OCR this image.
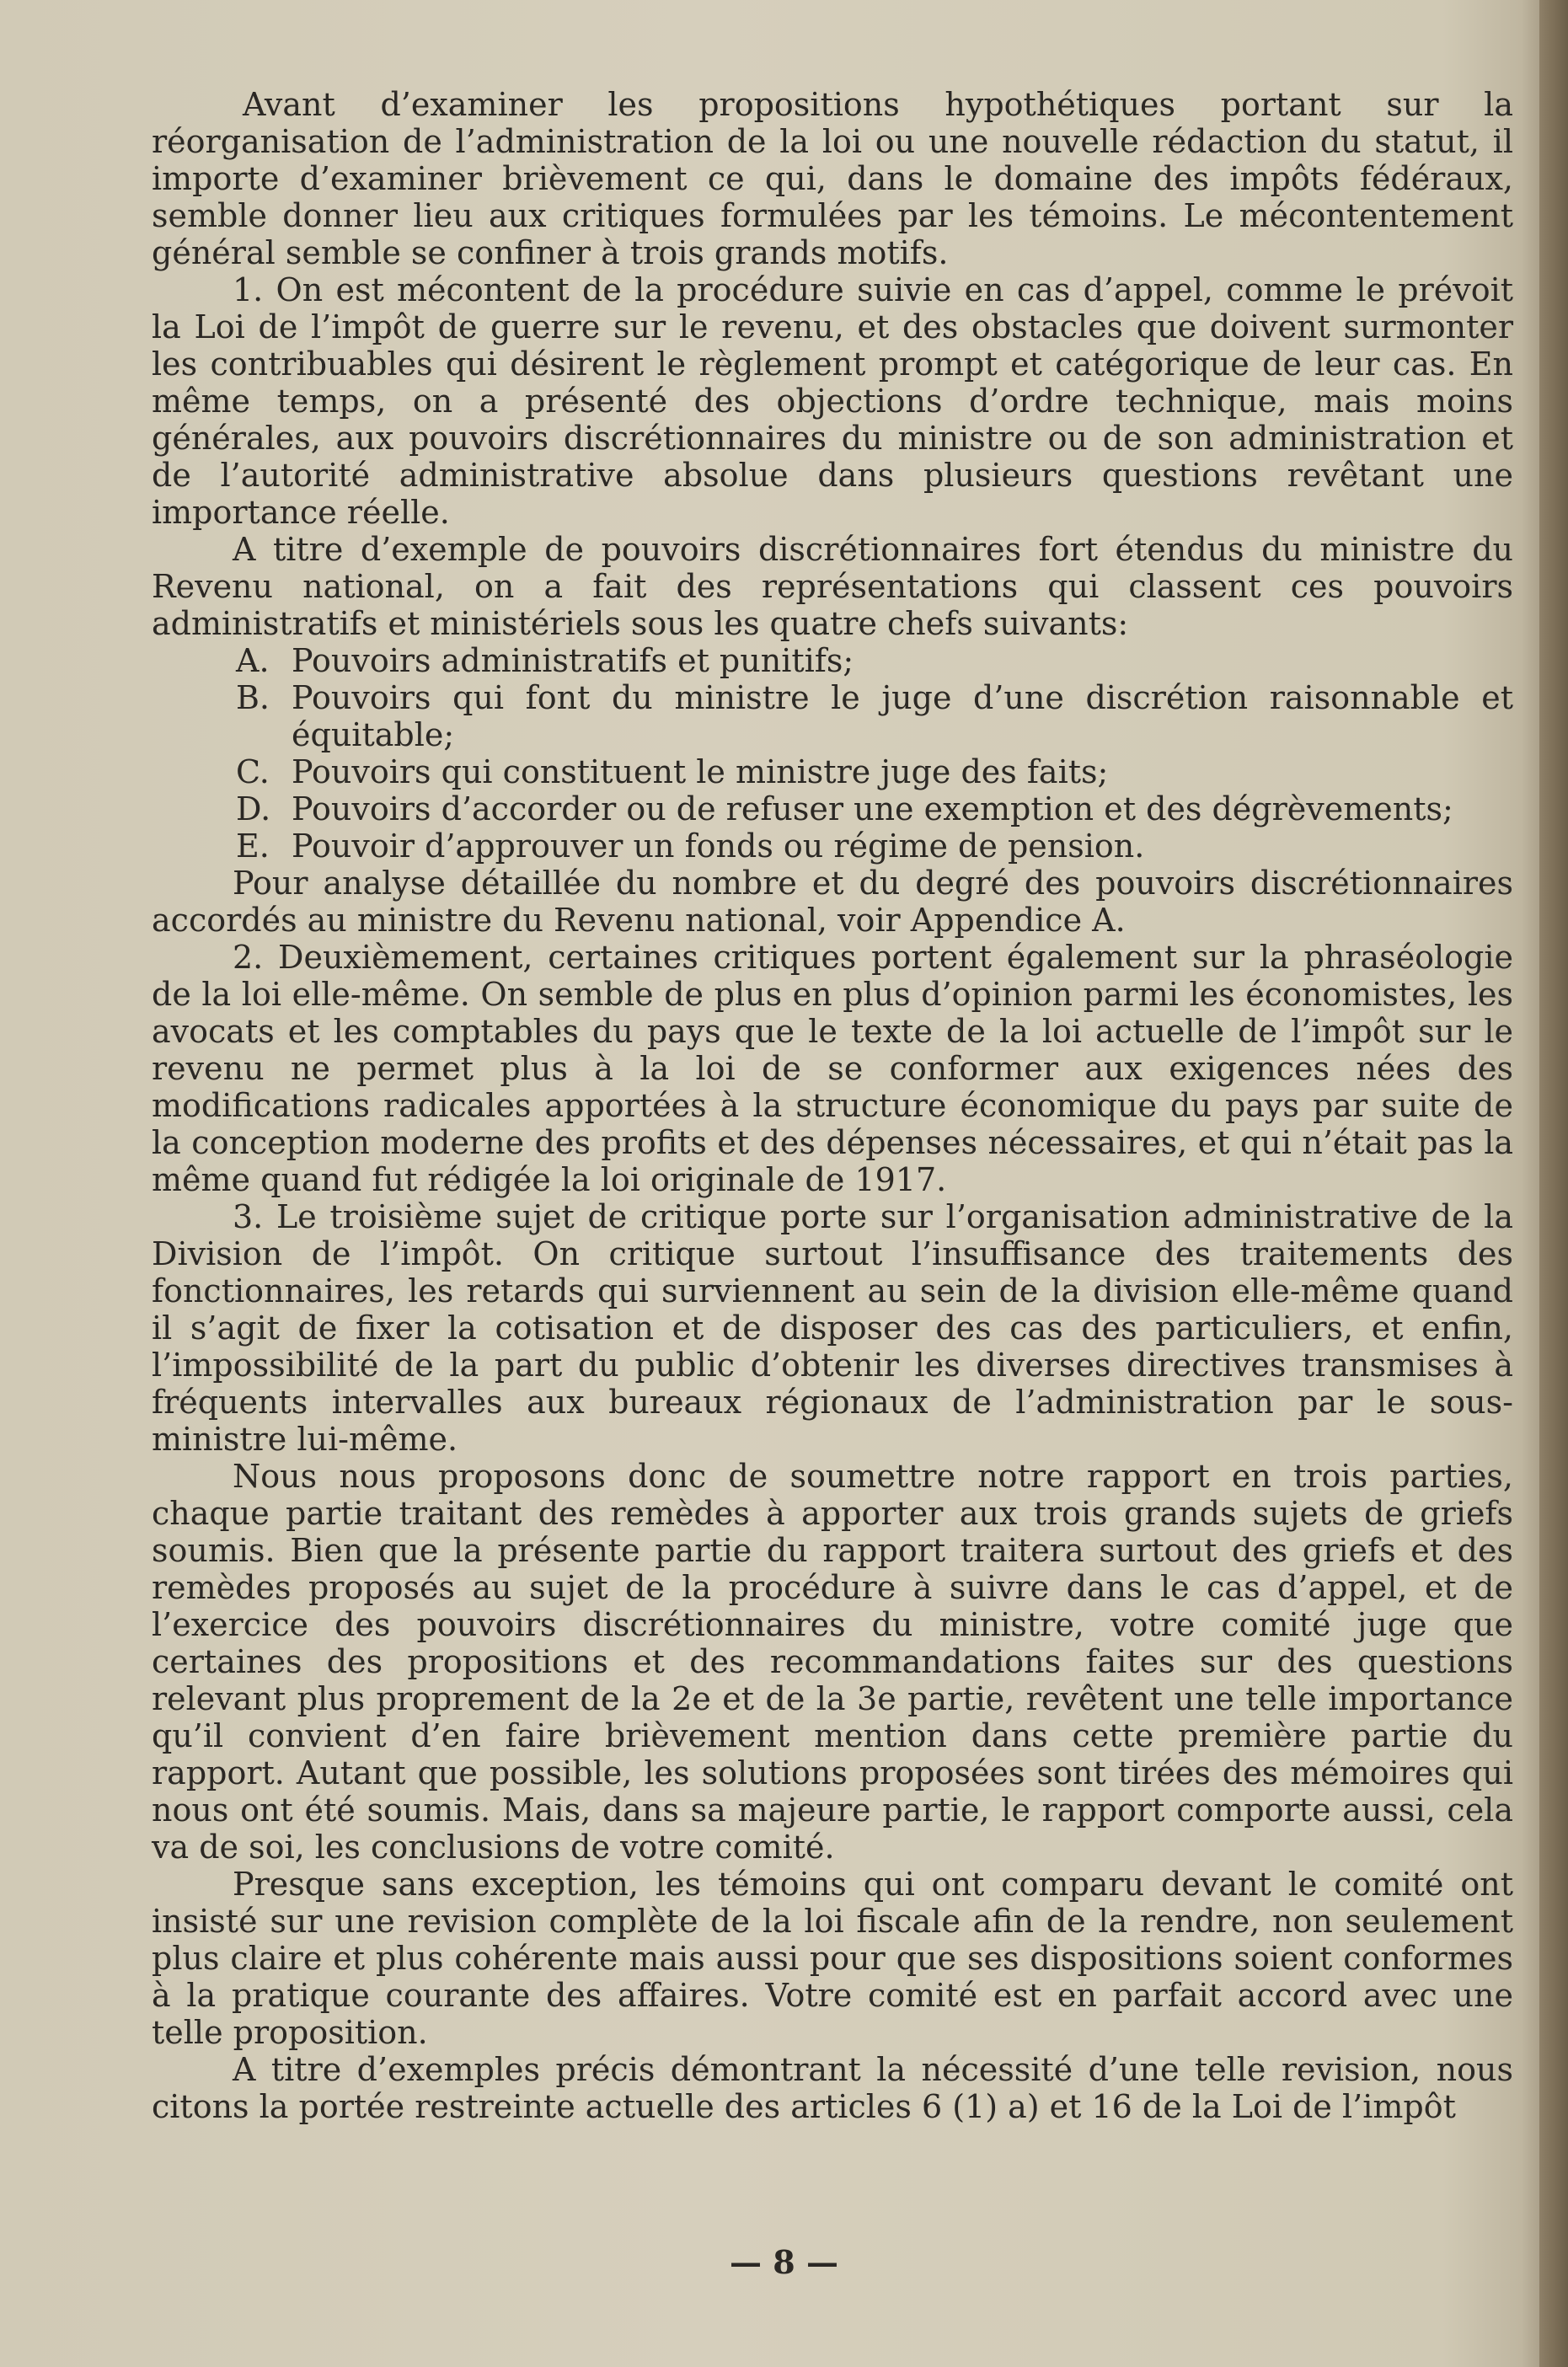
Avant d’examiner les propositions hypothétiques portant sur la réorganisation de l’administration de la loi ou une nouvelle rédaction du statut, il importe d’examiner brièvement ce qui, dans le domaine des impôts fédéraux, semble donner lieu aux critiques formulées par les témoins. Le mécontentement général semble se confiner à trois grands motifs.

1. On est mécontent de la procédure suivie en cas d’appel, comme le prévoit la Loi de l’impôt de guerre sur le revenu, et des obstacles que doivent surmonter les contribuables qui désirent le règlement prompt et catégorique de leur cas. En même temps, on a présenté des objections d’ordre technique, mais moins générales, aux pouvoirs discrétionnaires du ministre ou de son administration et de l’autorité administrative absolue dans plusieurs questions revêtant une importance réelle.

A titre d’exemple de pouvoirs discrétionnaires fort étendus du ministre du Revenu national, on a fait des représentations qui classent ces pouvoirs administratifs et ministériels sous les quatre chefs suivants:

A. Pouvoirs administratifs et punitifs;
B. Pouvoirs qui font du ministre le juge d’une discrétion raisonnable et équitable;
C. Pouvoirs qui constituent le ministre juge des faits;
D. Pouvoirs d’accorder ou de refuser une exemption et des dégrèvements;
E. Pouvoir d’approuver un fonds ou régime de pension.

Pour analyse détaillée du nombre et du degré des pouvoirs discrétionnaires accordés au ministre du Revenu national, voir Appendice A.

2. Deuxièmement, certaines critiques portent également sur la phraséologie de la loi elle-même. On semble de plus en plus d’opinion parmi les économistes, les avocats et les comptables du pays que le texte de la loi actuelle de l’impôt sur le revenu ne permet plus à la loi de se conformer aux exigences nées des modifications radicales apportées à la structure économique du pays par suite de la conception moderne des profits et des dépenses nécessaires, et qui n’était pas la même quand fut rédigée la loi originale de 1917.

3. Le troisième sujet de critique porte sur l’organisation administrative de la Division de l’impôt. On critique surtout l’insuffisance des traitements des fonctionnaires, les retards qui surviennent au sein de la division elle-même quand il s’agit de fixer la cotisation et de disposer des cas des particuliers, et enfin, l’impossibilité de la part du public d’obtenir les diverses directives transmises à fréquents intervalles aux bureaux régionaux de l’administration par le sous-ministre lui-même.

Nous nous proposons donc de soumettre notre rapport en trois parties, chaque partie traitant des remèdes à apporter aux trois grands sujets de griefs soumis. Bien que la présente partie du rapport traitera surtout des griefs et des remèdes proposés au sujet de la procédure à suivre dans le cas d’appel, et de l’exercice des pouvoirs discrétionnaires du ministre, votre comité juge que certaines des propositions et des recommandations faites sur des questions relevant plus proprement de la 2e et de la 3e partie, revêtent une telle importance qu’il convient d’en faire brièvement mention dans cette première partie du rapport. Autant que possible, les solutions proposées sont tirées des mémoires qui nous ont été soumis. Mais, dans sa majeure partie, le rapport comporte aussi, cela va de soi, les conclusions de votre comité.

Presque sans exception, les témoins qui ont comparu devant le comité ont insisté sur une revision complète de la loi fiscale afin de la rendre, non seulement plus claire et plus cohérente mais aussi pour que ses dispositions soient conformes à la pratique courante des affaires. Votre comité est en parfait accord avec une telle proposition.

A titre d’exemples précis démontrant la nécessité d’une telle revision, nous citons la portée restreinte actuelle des articles 6 (1) a) et 16 de la Loi de l’impôt

— 8 —
